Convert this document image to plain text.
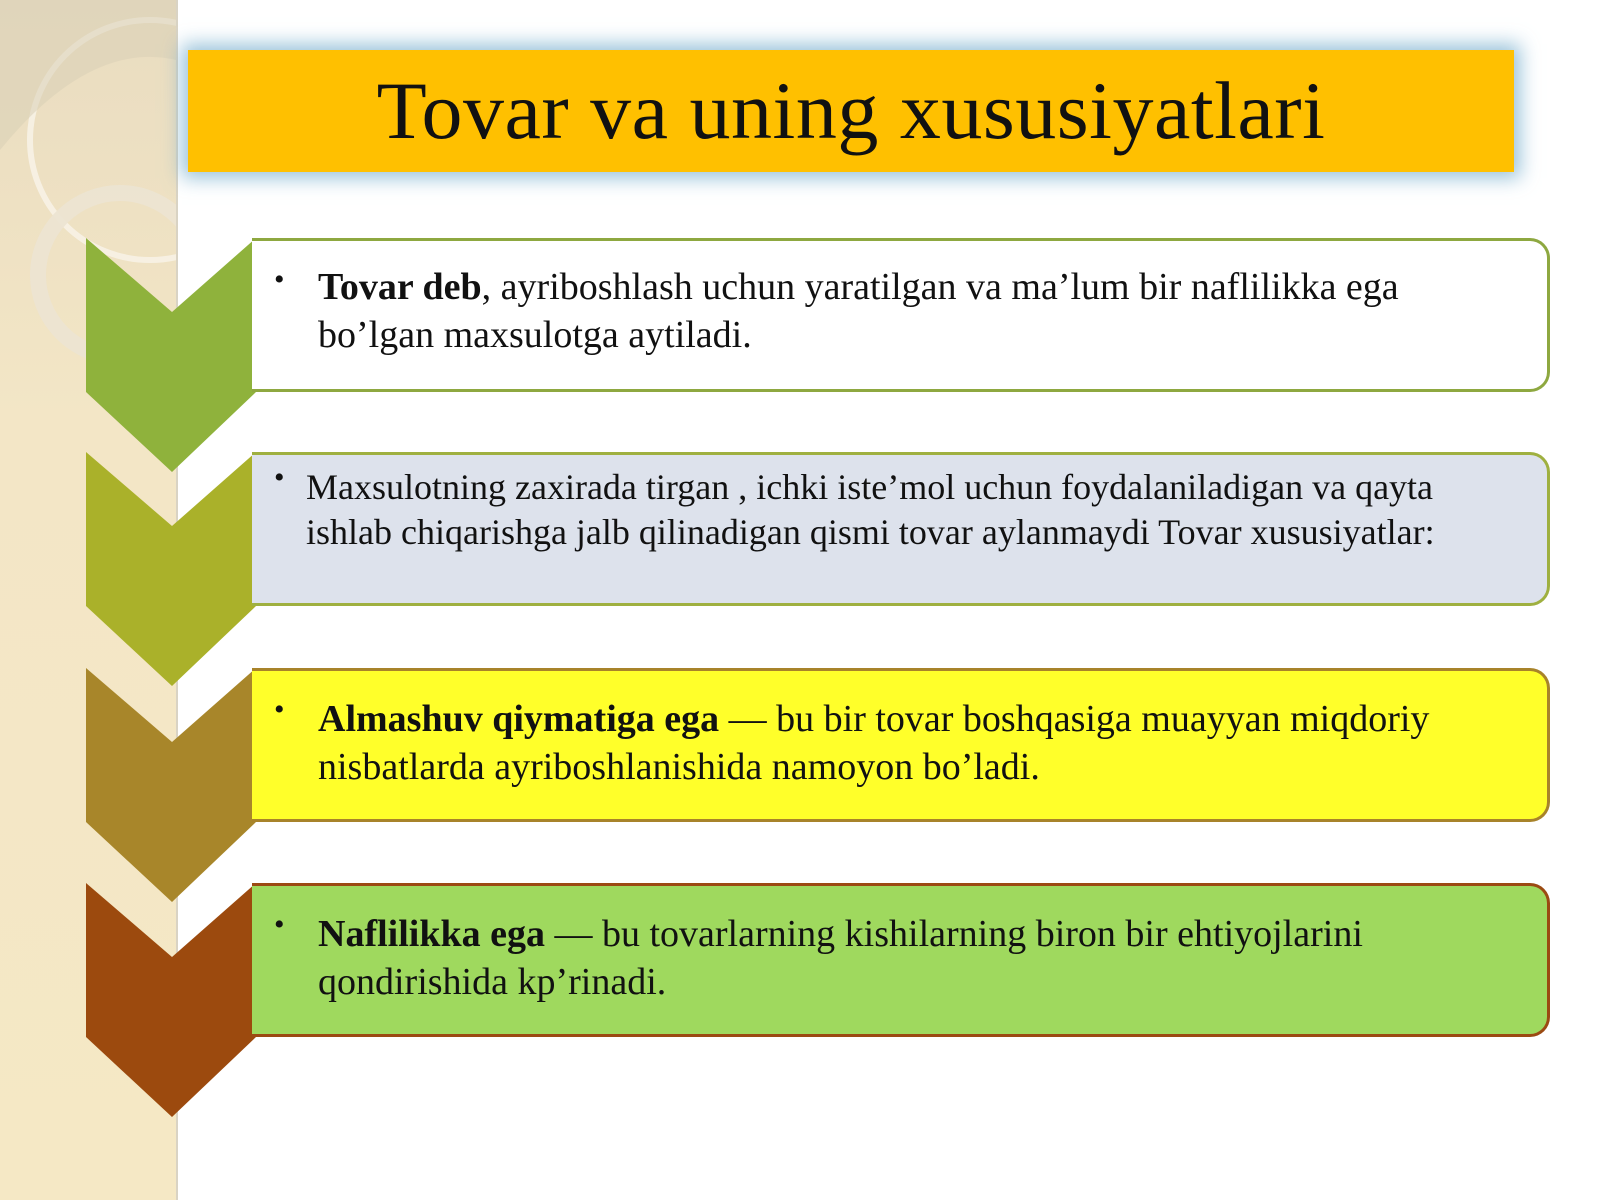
Tovar va uning xususiyatlari
• Tovar deb, ayriboshlash uchun yaratilgan va ma’lum bir naflilikka ega bo’lgan maxsulotga aytiladi.

• Maxsulotning zaxirada tirgan , ichki iste’mol uchun foydalaniladigan va qayta ishlab chiqarishga jalb qilinadigan qismi tovar aylanmaydi Tovar xususiyatlar:

• Almashuv qiymatiga ega — bu bir tovar boshqasiga muayyan miqdoriy nisbatlarda ayriboshlanishida namoyon bo’ladi.

• Naflilikka ega — bu tovarlarning kishilarning biron bir ehtiyojlarini qondirishida kp’rinadi.
